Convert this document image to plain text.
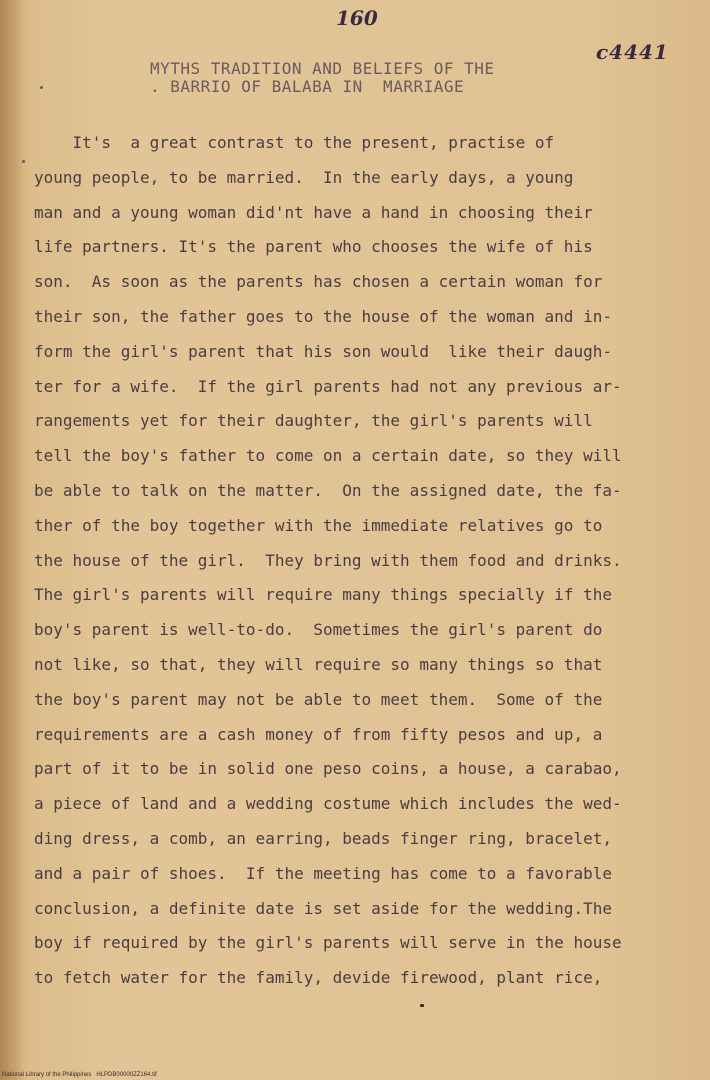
160
c4441
MYTHS TRADITION AND BELIEFS OF THE
. BARRIO OF BALABA IN  MARRIAGE
It's  a great contrast to the present, practise of
young people, to be married.  In the early days, a young
man and a young woman did'nt have a hand in choosing their
life partners. It's the parent who chooses the wife of his
son.  As soon as the parents has chosen a certain woman for
their son, the father goes to the house of the woman and in-
form the girl's parent that his son would  like their daugh-
ter for a wife.  If the girl parents had not any previous ar-
rangements yet for their daughter, the girl's parents will
tell the boy's father to come on a certain date, so they will
be able to talk on the matter.  On the assigned date, the fa-
ther of the boy together with the immediate relatives go to
the house of the girl.  They bring with them food and drinks.
The girl's parents will require many things specially if the
boy's parent is well-to-do.  Sometimes the girl's parent do
not like, so that, they will require so many things so that
the boy's parent may not be able to meet them.  Some of the
requirements are a cash money of from fifty pesos and up, a
part of it to be in solid one peso coins, a house, a carabao,
a piece of land and a wedding costume which includes the wed-
ding dress, a comb, an earring, beads finger ring, bracelet,
and a pair of shoes.  If the meeting has come to a favorable
conclusion, a definite date is set aside for the wedding.The
boy if required by the girl's parents will serve in the house
to fetch water for the family, devide firewood, plant rice,
National Library of the Philippines   HLPDB00000ZZ164.tif
